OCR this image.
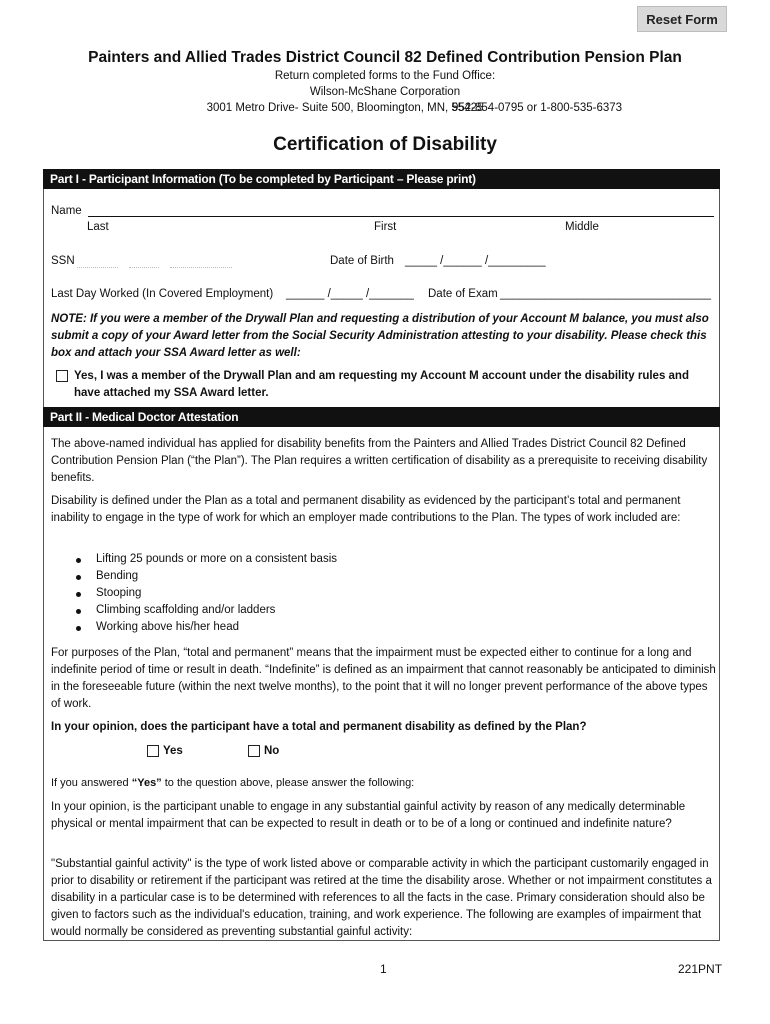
Reset Form
Painters and Allied Trades District Council 82 Defined Contribution Pension Plan
Return completed forms to the Fund Office:
Wilson-McShane Corporation
3001 Metro Drive- Suite 500, Bloomington, MN, 55425
952-854-0795 or 1-800-535-6373
Certification of Disability
Part I - Participant Information (To be completed by Participant – Please print)
Name
Last	First	Middle
SSN	Date of Birth _____ /______ /_________
Last Day Worked (In Covered Employment) ______ /_____ /_______ Date of Exam _________________________________
NOTE: If you were a member of the Drywall Plan and requesting a distribution of your Account M balance, you must also submit a copy of your Award letter from the Social Security Administration attesting to your disability. Please check this box and attach your SSA Award letter as well:
Yes, I was a member of the Drywall Plan and am requesting my Account M account under the disability rules and have attached my SSA Award letter.
Part II - Medical Doctor Attestation
The above-named individual has applied for disability benefits from the Painters and Allied Trades District Council 82 Defined Contribution Pension Plan (“the Plan”). The Plan requires a written certification of disability as a prerequisite to receiving disability benefits.
Disability is defined under the Plan as a total and permanent disability as evidenced by the participant’s total and permanent inability to engage in the type of work for which an employer made contributions to the Plan. The types of work included are:
Lifting 25 pounds or more on a consistent basis
Bending
Stooping
Climbing scaffolding and/or ladders
Working above his/her head
For purposes of the Plan, “total and permanent” means that the impairment must be expected either to continue for a long and indefinite period of time or result in death. “Indefinite” is defined as an impairment that cannot reasonably be anticipated to diminish in the foreseeable future (within the next twelve months), to the point that it will no longer prevent performance of the above types of work.
In your opinion, does the participant have a total and permanent disability as defined by the Plan?
Yes	No
If you answered “Yes” to the question above, please answer the following:
In your opinion, is the participant unable to engage in any substantial gainful activity by reason of any medically determinable physical or mental impairment that can be expected to result in death or to be of a long or continued and indefinite nature?
"Substantial gainful activity" is the type of work listed above or comparable activity in which the participant customarily engaged in prior to disability or retirement if the participant was retired at the time the disability arose. Whether or not impairment constitutes a disability in a particular case is to be determined with references to all the facts in the case. Primary consideration should also be given to factors such as the individual's education, training, and work experience. The following are examples of impairment that would normally be considered as preventing substantial gainful activity:
1	221PNT
